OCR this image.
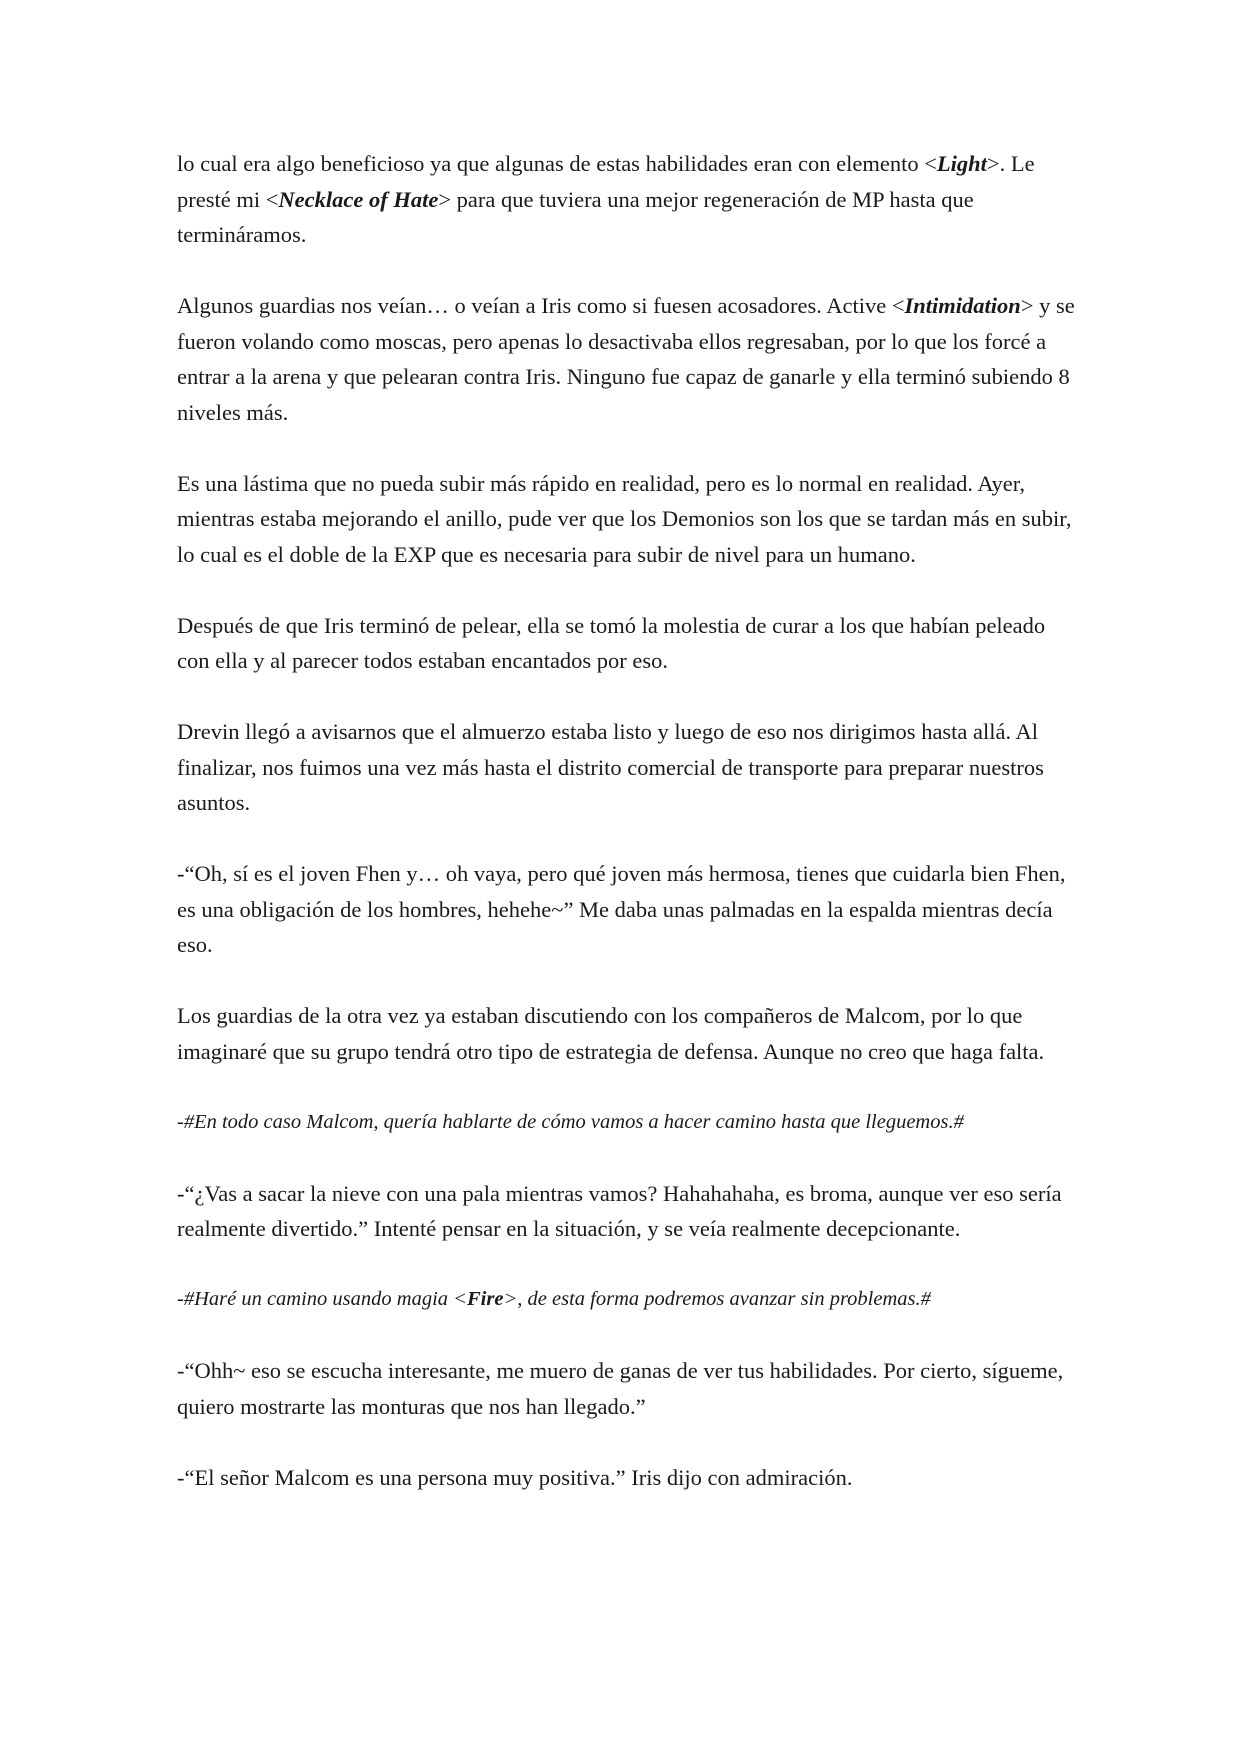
lo cual era algo beneficioso ya que algunas de estas habilidades eran con elemento <Light>. Le presté mi <Necklace of Hate> para que tuviera una mejor regeneración de MP hasta que termináramos.

Algunos guardias nos veían… o veían a Iris como si fuesen acosadores. Active <Intimidation> y se fueron volando como moscas, pero apenas lo desactivaba ellos regresaban, por lo que los forcé a entrar a la arena y que pelearan contra Iris. Ninguno fue capaz de ganarle y ella terminó subiendo 8 niveles más.

Es una lástima que no pueda subir más rápido en realidad, pero es lo normal en realidad. Ayer, mientras estaba mejorando el anillo, pude ver que los Demonios son los que se tardan más en subir, lo cual es el doble de la EXP que es necesaria para subir de nivel para un humano.

Después de que Iris terminó de pelear, ella se tomó la molestia de curar a los que habían peleado con ella y al parecer todos estaban encantados por eso.

Drevin llegó a avisarnos que el almuerzo estaba listo y luego de eso nos dirigimos hasta allá. Al finalizar, nos fuimos una vez más hasta el distrito comercial de transporte para preparar nuestros asuntos.

-“Oh, sí es el joven Fhen y… oh vaya, pero qué joven más hermosa, tienes que cuidarla bien Fhen, es una obligación de los hombres, hehehe~” Me daba unas palmadas en la espalda mientras decía eso.

Los guardias de la otra vez ya estaban discutiendo con los compañeros de Malcom, por lo que imaginaré que su grupo tendrá otro tipo de estrategia de defensa. Aunque no creo que haga falta.

-#En todo caso Malcom, quería hablarte de cómo vamos a hacer camino hasta que lleguemos.#

-“¿Vas a sacar la nieve con una pala mientras vamos? Hahahahaha, es broma, aunque ver eso sería realmente divertido.” Intenté pensar en la situación, y se veía realmente decepcionante.

-#Haré un camino usando magia <Fire>, de esta forma podremos avanzar sin problemas.#

-“Ohh~ eso se escucha interesante, me muero de ganas de ver tus habilidades. Por cierto, sígueme, quiero mostrarte las monturas que nos han llegado.”

-“El señor Malcom es una persona muy positiva.” Iris dijo con admiración.
